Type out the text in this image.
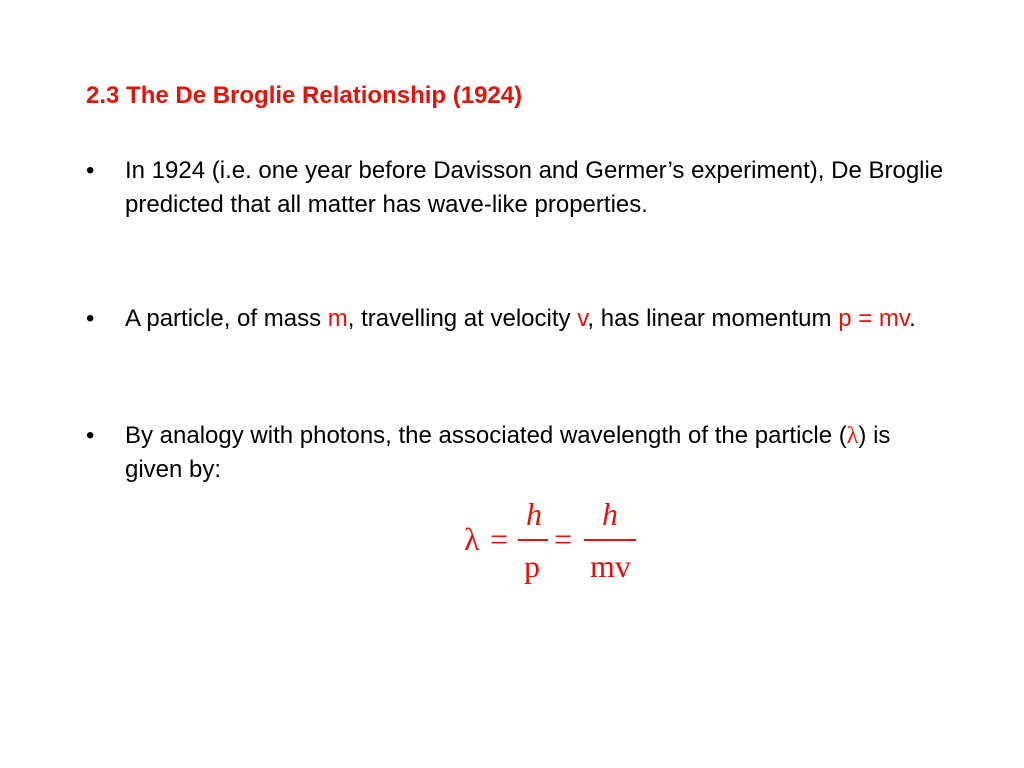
2.3 The De Broglie Relationship (1924)
•	In 1924 (i.e. one year before Davisson and Germer’s experiment), De Broglie predicted that all matter has wave-like properties.
•	A particle, of mass m, travelling at velocity v, has linear momentum p = mv.
•	By analogy with photons, the associated wavelength of the particle (λ) is given by:
λ =
h
p
=
h
mv
